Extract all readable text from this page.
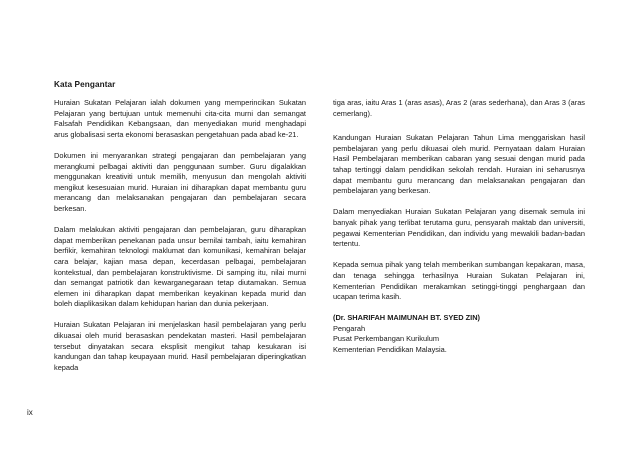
Kata Pengantar

Huraian Sukatan Pelajaran ialah dokumen yang memperincikan Sukatan Pelajaran yang bertujuan untuk memenuhi cita-cita murni dan semangat Falsafah Pendidikan Kebangsaan, dan menyediakan murid menghadapi arus globalisasi serta ekonomi berasaskan pengetahuan pada abad ke-21.

Dokumen ini menyarankan strategi pengajaran dan pembelajaran yang merangkumi pelbagai aktiviti dan penggunaan sumber. Guru digalakkan menggunakan kreativiti untuk memilih, menyusun dan mengolah aktiviti mengikut kesesuaian murid. Huraian ini diharapkan dapat membantu guru merancang dan melaksanakan pengajaran dan pembelajaran secara berkesan.

Dalam melakukan aktiviti pengajaran dan pembelajaran, guru diharapkan dapat memberikan penekanan pada unsur bernilai tambah, iaitu kemahiran berfikir, kemahiran teknologi maklumat dan komunikasi, kemahiran belajar cara belajar, kajian masa depan, kecerdasan pelbagai, pembelajaran kontekstual, dan pembelajaran konstruktivisme. Di samping itu, nilai murni dan semangat patriotik dan kewarganegaraan tetap diutamakan. Semua elemen ini diharapkan dapat memberikan keyakinan kepada murid dan boleh diaplikasikan dalam kehidupan harian dan dunia pekerjaan.

Huraian Sukatan Pelajaran ini menjelaskan hasil pembelajaran yang perlu dikuasai oleh murid berasaskan pendekatan masteri. Hasil pembelajaran tersebut dinyatakan secara eksplisit mengikut tahap kesukaran isi kandungan dan tahap keupayaan murid. Hasil pembelajaran diperingkatkan kepada

tiga aras, iaitu Aras 1 (aras asas), Aras 2 (aras sederhana), dan Aras 3 (aras cemerlang).

Kandungan Huraian Sukatan Pelajaran Tahun Lima menggariskan hasil pembelajaran yang perlu dikuasai oleh murid. Pernyataan dalam Huraian Hasil Pembelajaran memberikan cabaran yang sesuai dengan murid pada tahap tertinggi dalam pendidikan sekolah rendah. Huraian ini seharusnya dapat membantu guru merancang dan melaksanakan pengajaran dan pembelajaran yang berkesan.

Dalam menyediakan Huraian Sukatan Pelajaran yang disemak semula ini banyak pihak yang terlibat terutama guru, pensyarah maktab dan universiti, pegawai Kementerian Pendidikan, dan individu yang mewakili badan-badan tertentu.

Kepada semua pihak yang telah memberikan sumbangan kepakaran, masa, dan tenaga sehingga terhasilnya Huraian Sukatan Pelajaran ini, Kementerian Pendidikan merakamkan setinggi-tinggi penghargaan dan ucapan terima kasih.

(Dr. SHARIFAH MAIMUNAH BT. SYED ZIN)
Pengarah
Pusat Perkembangan Kurikulum
Kementerian Pendidikan Malaysia.
ix
